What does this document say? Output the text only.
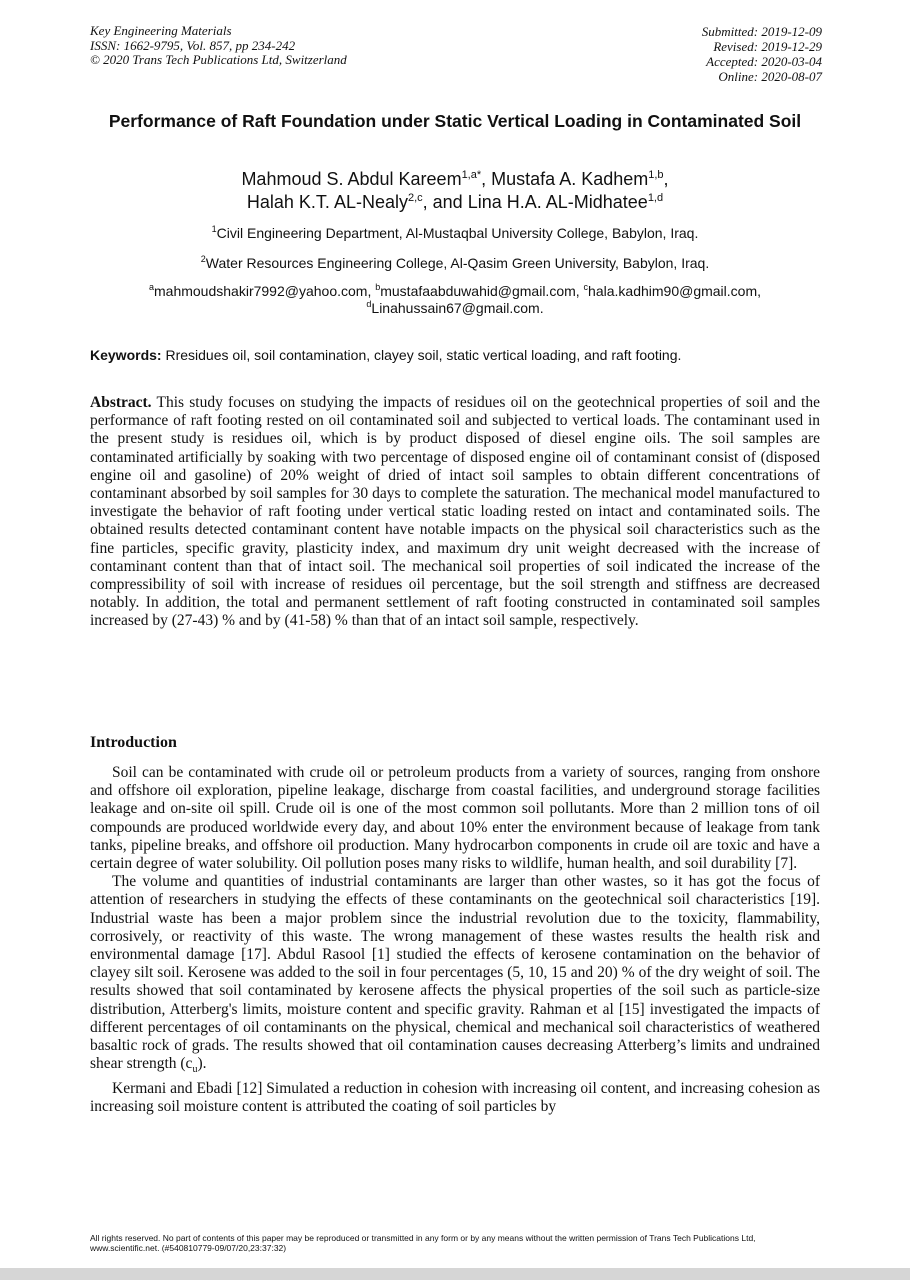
Key Engineering Materials
ISSN: 1662-9795, Vol. 857, pp 234-242
© 2020 Trans Tech Publications Ltd, Switzerland
Submitted: 2019-12-09
Revised: 2019-12-29
Accepted: 2020-03-04
Online: 2020-08-07
Performance of Raft Foundation under Static Vertical Loading in Contaminated Soil
Mahmoud S. Abdul Kareem$^{1,a*}$, Mustafa A. Kadhem$^{1,b}$,
Halah K.T. AL-Nealy$^{2,c}$, and Lina H.A. AL-Midhatee$^{1,d}$
$^1$Civil Engineering Department, Al-Mustaqbal University College, Babylon, Iraq.
$^2$Water Resources Engineering College, Al-Qasim Green University, Babylon, Iraq.
$^a$mahmoudshakir7992@yahoo.com, $^b$mustafaabduwahid@gmail.com, $^c$hala.kadhim90@gmail.com,
$^d$Linahussain67@gmail.com.
Keywords: Rresidues oil, soil contamination, clayey soil, static vertical loading, and raft footing.

Abstract. This study focuses on studying the impacts of residues oil on the geotechnical properties of soil and the performance of raft footing rested on oil contaminated soil and subjected to vertical loads. The contaminant used in the present study is residues oil, which is by product disposed of diesel engine oils. The soil samples are contaminated artificially by soaking with two percentage of disposed engine oil of contaminant consist of (disposed engine oil and gasoline) of 20% weight of dried of intact soil samples to obtain different concentrations of contaminant absorbed by soil samples for 30 days to complete the saturation. The mechanical model manufactured to investigate the behavior of raft footing under vertical static loading rested on intact and contaminated soils. The obtained results detected contaminant content have notable impacts on the physical soil characteristics such as the fine particles, specific gravity, plasticity index, and maximum dry unit weight decreased with the increase of contaminant content than that of intact soil. The mechanical soil properties of soil indicated the increase of the compressibility of soil with increase of residues oil percentage, but the soil strength and stiffness are decreased notably. In addition, the total and permanent settlement of raft footing constructed in contaminated soil samples increased by (27-43) % and by (41-58) % than that of an intact soil sample, respectively.

Introduction

Soil can be contaminated with crude oil or petroleum products from a variety of sources, ranging from onshore and offshore oil exploration, pipeline leakage, discharge from coastal facilities, and underground storage facilities leakage and on-site oil spill. Crude oil is one of the most common soil pollutants. More than 2 million tons of oil compounds are produced worldwide every day, and about 10% enter the environment because of leakage from tank tanks, pipeline breaks, and offshore oil production. Many hydrocarbon components in crude oil are toxic and have a certain degree of water solubility. Oil pollution poses many risks to wildlife, human health, and soil durability [7].

The volume and quantities of industrial contaminants are larger than other wastes, so it has got the focus of attention of researchers in studying the effects of these contaminants on the geotechnical soil characteristics [19]. Industrial waste has been a major problem since the industrial revolution due to the toxicity, flammability, corrosively, or reactivity of this waste. The wrong management of these wastes results the health risk and environmental damage [17]. Abdul Rasool [1] studied the effects of kerosene contamination on the behavior of clayey silt soil. Kerosene was added to the soil in four percentages (5, 10, 15 and 20) % of the dry weight of soil. The results showed that soil contaminated by kerosene affects the physical properties of the soil such as particle-size distribution, Atterberg's limits, moisture content and specific gravity. Rahman et al [15] investigated the impacts of different percentages of oil contaminants on the physical, chemical and mechanical soil characteristics of weathered basaltic rock of grads. The results showed that oil contamination causes decreasing Atterberg’s limits and undrained shear strength $(c_u)$.

Kermani and Ebadi [12] Simulated a reduction in cohesion with increasing oil content, and increasing cohesion as increasing soil moisture content is attributed the coating of soil particles by

All rights reserved. No part of contents of this paper may be reproduced or transmitted in any form or by any means without the written permission of Trans Tech Publications Ltd, www.scientific.net. (#540810779-09/07/20,23:37:32)
